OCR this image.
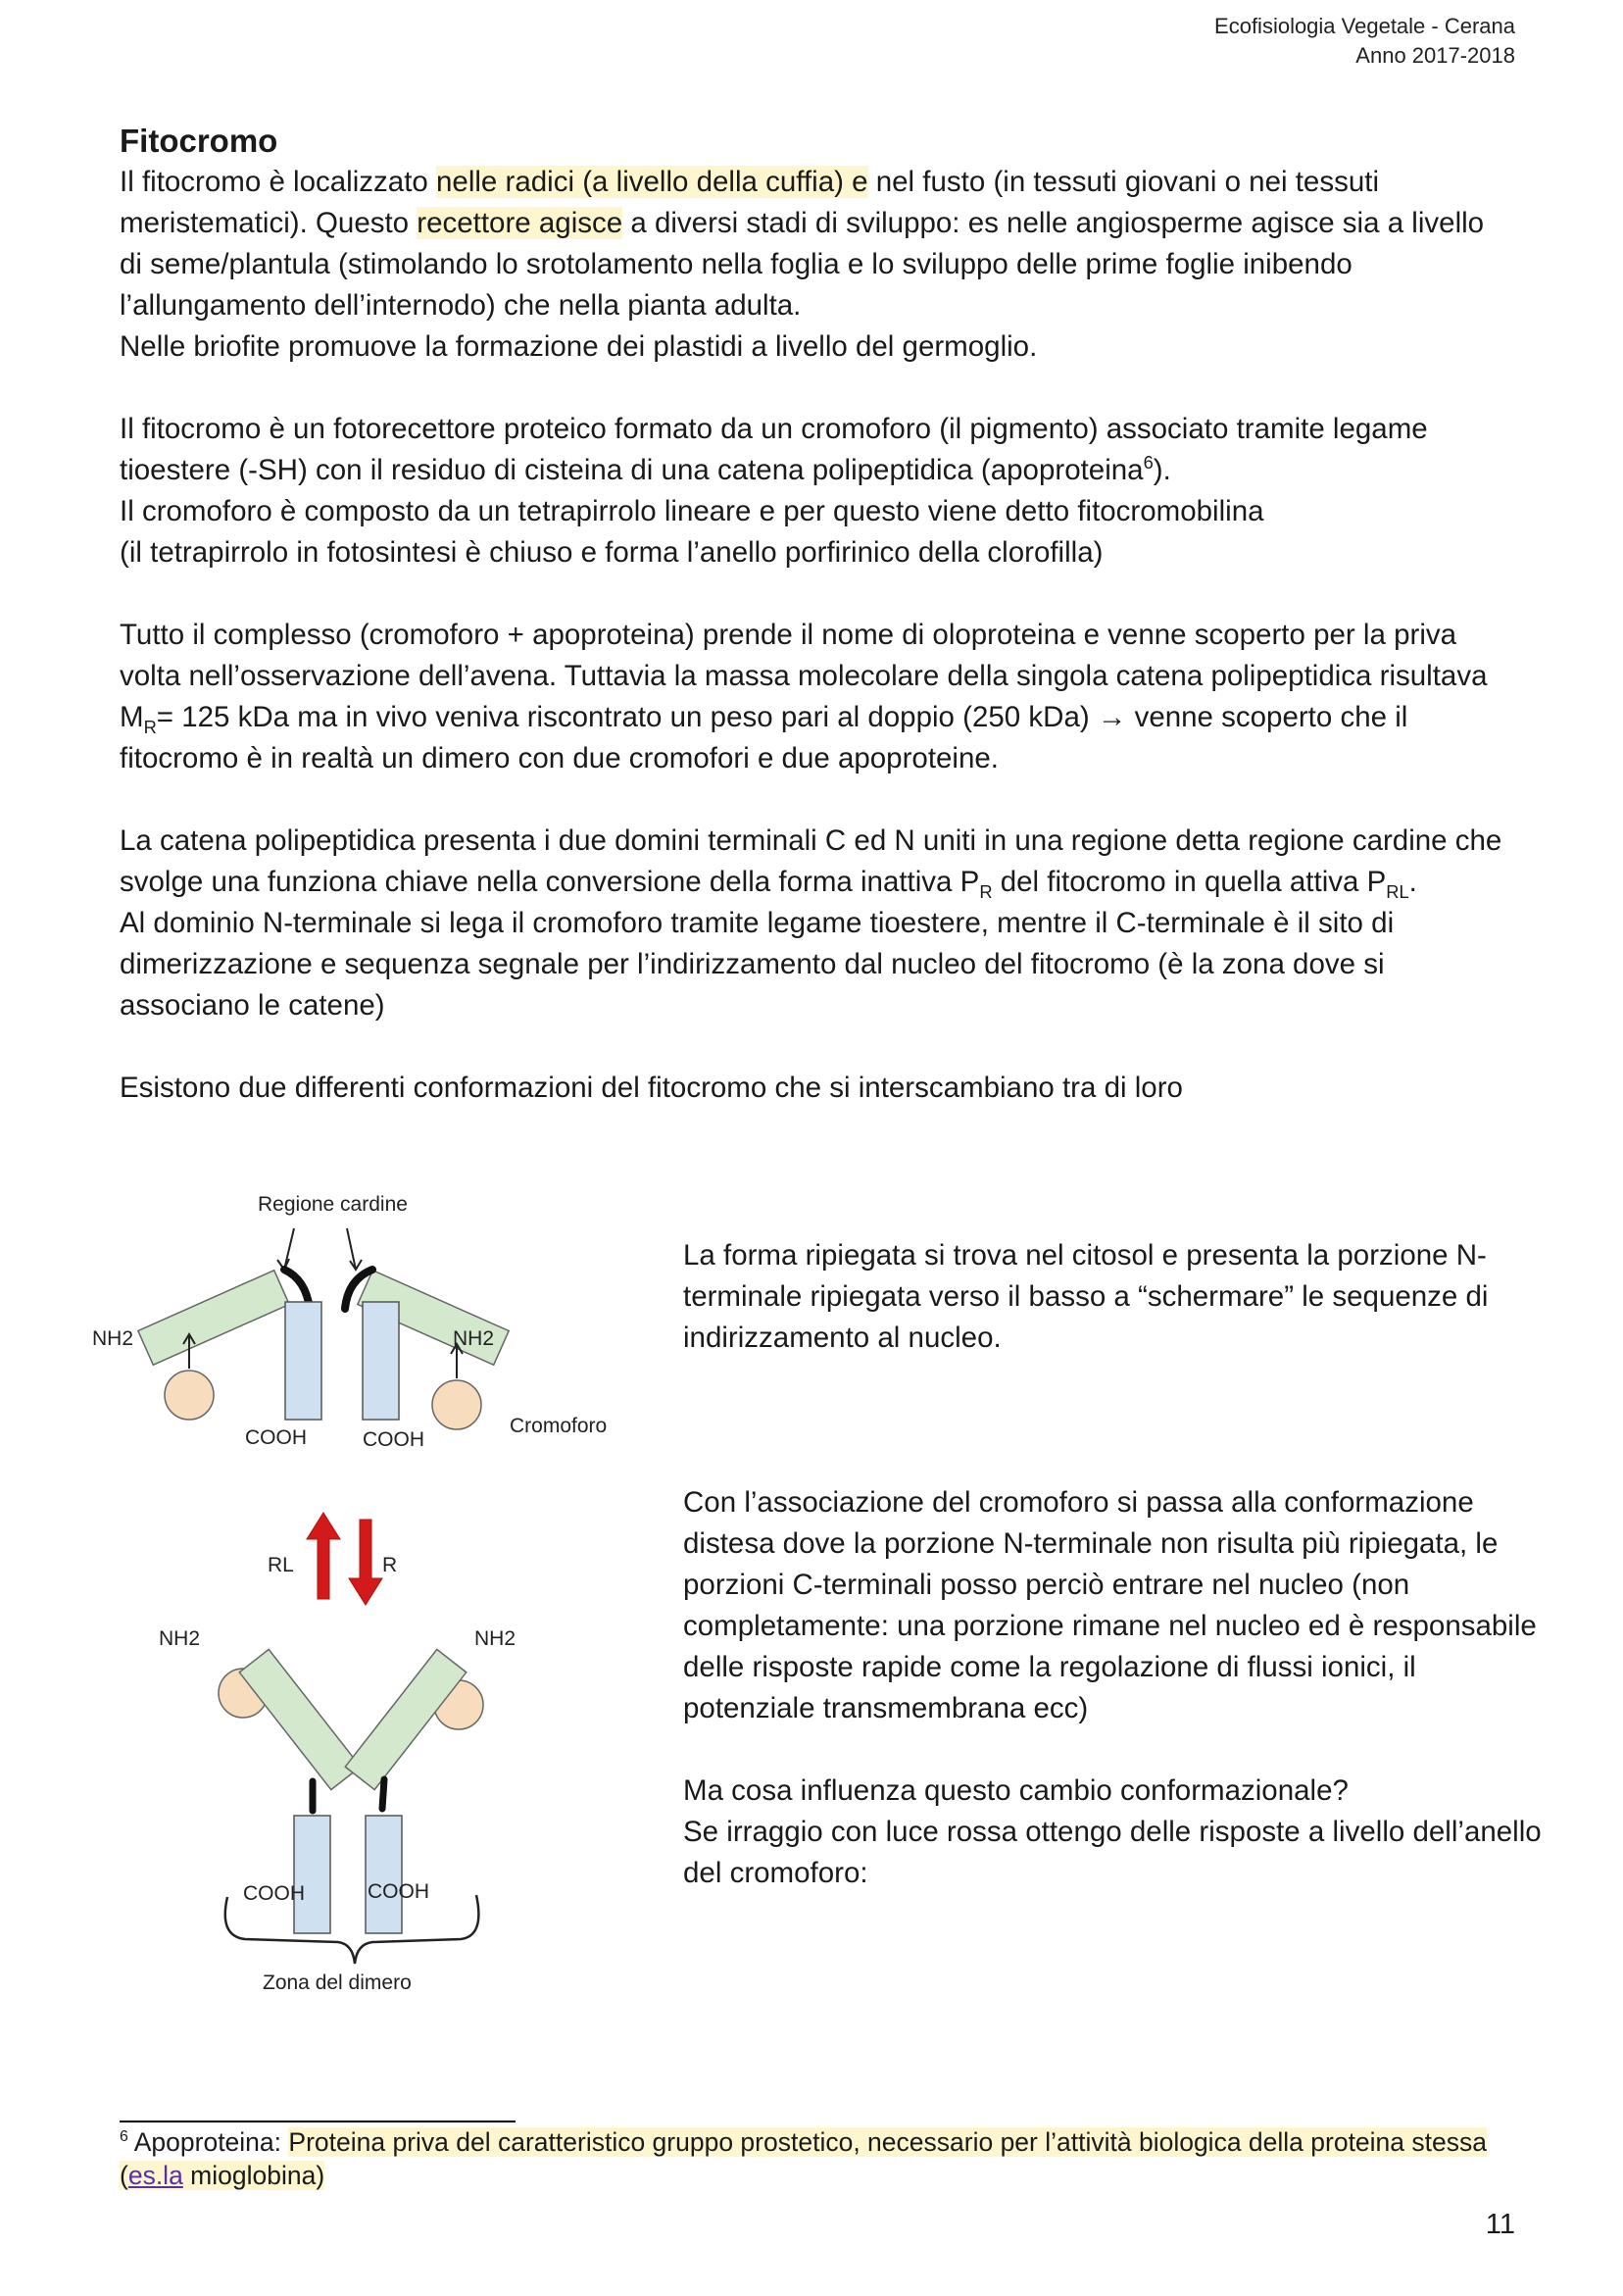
Ecofisiologia Vegetale - Cerana
Anno 2017-2018
Fitocromo

Il fitocromo è localizzato nelle radici (a livello della cuffia) e nel fusto (in tessuti giovani o nei tessuti meristematici). Questo recettore agisce a diversi stadi di sviluppo: es nelle angiosperme agisce sia a livello di seme/plantula (stimolando lo srotolamento nella foglia e lo sviluppo delle prime foglie inibendo l’allungamento dell’internodo) che nella pianta adulta.

Nelle briofite promuove la formazione dei plastidi a livello del germoglio.

Il fitocromo è un fotorecettore proteico formato da un cromoforo (il pigmento) associato tramite legame tioestere (-SH) con il residuo di cisteina di una catena polipeptidica (apoproteina$^6$).

Il cromoforo è composto da un tetrapirrolo lineare e per questo viene detto fitocromobilina

(il tetrapirrolo in fotosintesi è chiuso e forma l’anello porfirinico della clorofilla)

Tutto il complesso (cromoforo + apoproteina) prende il nome di oloproteina e venne scoperto per la priva volta nell’osservazione dell’avena. Tuttavia la massa molecolare della singola catena polipeptidica risultava $M_R= 125$ kDa ma in vivo veniva riscontrato un peso pari al doppio (250 kDa) → venne scoperto che il fitocromo è in realtà un dimero con due cromofori e due apoproteine.

La catena polipeptidica presenta i due domini terminali C ed N uniti in una regione detta regione cardine che svolge una funziona chiave nella conversione della forma inattiva $P_R$ del fitocromo in quella attiva $P_{RL}$.

Al dominio N-terminale si lega il cromoforo tramite legame tioestere, mentre il C-terminale è il sito di dimerizzazione e sequenza segnale per l’indirizzamento dal nucleo del fitocromo (è la zona dove si associano le catene)

Esistono due differenti conformazioni del fitocromo che si interscambiano tra di loro

Regione cardine
NH2
COOH
NH2
COOH
Cromoforo
RL	R
NH2	NH2
COOH	COOH
Zona del dimero

La forma ripiegata si trova nel citosol e presenta la porzione N-terminale ripiegata verso il basso a “schermare” le sequenze di indirizzamento al nucleo.

Con l’associazione del cromoforo si passa alla conformazione distesa dove la porzione N-terminale non risulta più ripiegata, le porzioni C-terminali posso perciò entrare nel nucleo (non completamente: una porzione rimane nel nucleo ed è responsabile delle risposte rapide come la regolazione di flussi ionici, il potenziale transmembrana ecc)

Ma cosa influenza questo cambio conformazionale?

Se irraggio con luce rossa ottengo delle risposte a livello dell’anello del cromoforo:

$^6$ Apoproteina: Proteina priva del caratteristico gruppo prostetico, necessario per l’attività biologica della proteina stessa (es.la mioglobina)
11
